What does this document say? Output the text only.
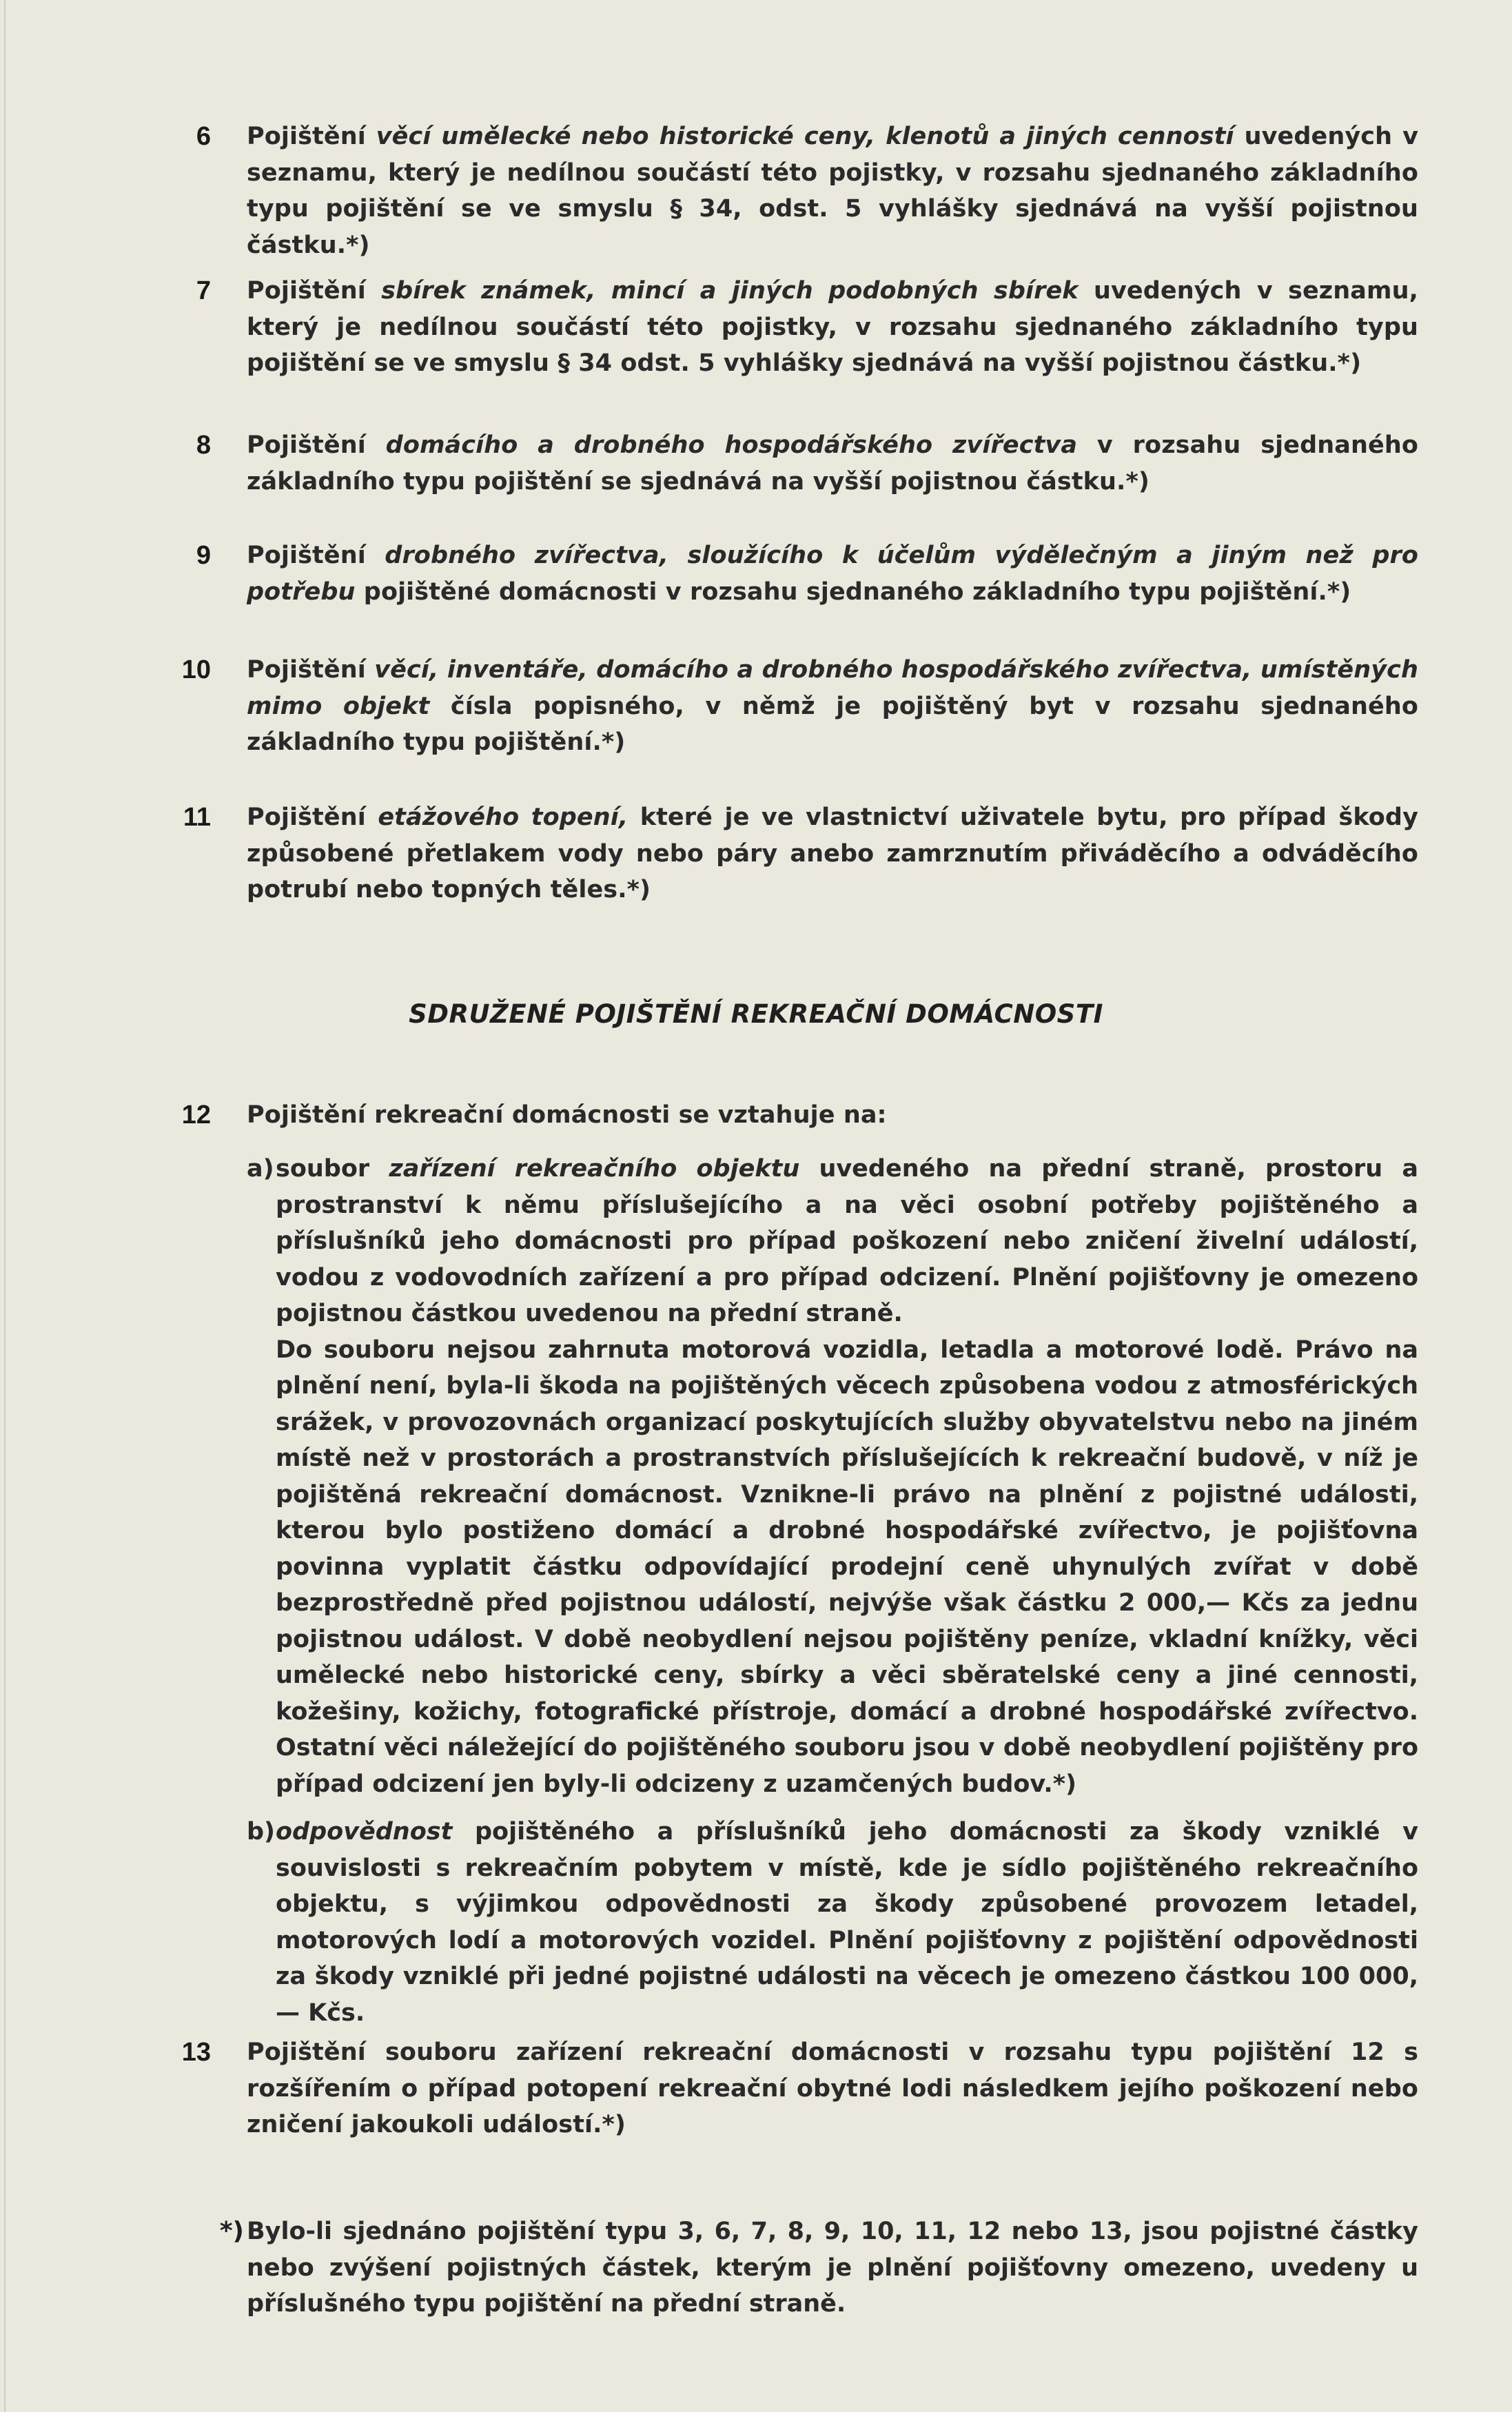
6 Pojištění věcí umělecké nebo historické ceny, klenotů a jiných cenností uvedených v seznamu, který je nedílnou součástí této pojistky, v rozsahu sjednaného základního typu pojištění se ve smyslu § 34, odst. 5 vyhlášky sjednává na vyšší pojistnou částku.*)
7 Pojištění sbírek známek, mincí a jiných podobných sbírek uvedených v seznamu, který je nedílnou součástí této pojistky, v rozsahu sjednaného základního typu pojištění se ve smyslu § 34 odst. 5 vyhlášky sjednává na vyšší pojistnou částku.*)
8 Pojištění domácího a drobného hospodářského zvířectva v rozsahu sjednaného základního typu pojištění se sjednává na vyšší pojistnou částku.*)
9 Pojištění drobného zvířectva, sloužícího k účelům výdělečným a jiným než pro potřebu pojištěné domácnosti v rozsahu sjednaného základního typu pojištění.*)
10 Pojištění věcí, inventáře, domácího a drobného hospodářského zvířectva, umístěných mimo objekt čísla popisného, v němž je pojištěný byt v rozsahu sjednaného základního typu pojištění.*)
11 Pojištění etážového topení, které je ve vlastnictví uživatele bytu, pro případ škody způsobené přetlakem vody nebo páry anebo zamrznutím přiváděcího a odváděcího potrubí nebo topných těles.*)
SDRUŽENÉ POJIŠTĚNÍ REKREAČNÍ DOMÁCNOSTI
12 Pojištění rekreační domácnosti se vztahuje na:
a) soubor zařízení rekreačního objektu uvedeného na přední straně, prostoru a prostranství k němu příslušejícího a na věci osobní potřeby pojištěného a příslušníků jeho domácnosti pro případ poškození nebo zničení živelní událostí, vodou z vodovodních zařízení a pro případ odcizení. Plnění pojišťovny je omezeno pojistnou částkou uvedenou na přední straně.
Do souboru nejsou zahrnuta motorová vozidla, letadla a motorové lodě. Právo na plnění není, byla-li škoda na pojištěných věcech způsobena vodou z atmosférických srážek, v provozovnách organizací poskytujících služby obyvatelstvu nebo na jiném místě než v prostorách a prostranstvích příslušejících k rekreační budově, v níž je pojištěná rekreační domácnost. Vznikne-li právo na plnění z pojistné události, kterou bylo postiženo domácí a drobné hospodářské zvířectvo, je pojišťovna povinna vyplatit částku odpovídající prodejní ceně uhynulých zvířat v době bezprostředně před pojistnou událostí, nejvýše však částku 2 000,— Kčs za jednu pojistnou událost. V době neobydlení nejsou pojištěny peníze, vkladní knížky, věci umělecké nebo historické ceny, sbírky a věci sběratelské ceny a jiné cennosti, kožešiny, kožichy, fotografické přístroje, domácí a drobné hospodářské zvířectvo. Ostatní věci náležející do pojištěného souboru jsou v době neobydlení pojištěny pro případ odcizení jen byly-li odcizeny z uzamčených budov.*)
b) odpovědnost pojištěného a příslušníků jeho domácnosti za škody vzniklé v souvislosti s rekreačním pobytem v místě, kde je sídlo pojištěného rekreačního objektu, s výjimkou odpovědnosti za škody způsobené provozem letadel, motorových lodí a motorových vozidel. Plnění pojišťovny z pojištění odpovědnosti za škody vzniklé při jedné pojistné události na věcech je omezeno částkou 100 000,— Kčs.
13 Pojištění souboru zařízení rekreační domácnosti v rozsahu typu pojištění 12 s rozšířením o případ potopení rekreační obytné lodi následkem jejího poškození nebo zničení jakoukoli událostí.*)
*) Bylo-li sjednáno pojištění typu 3, 6, 7, 8, 9, 10, 11, 12 nebo 13, jsou pojistné částky nebo zvýšení pojistných částek, kterým je plnění pojišťovny omezeno, uvedeny u příslušného typu pojištění na přední straně.
